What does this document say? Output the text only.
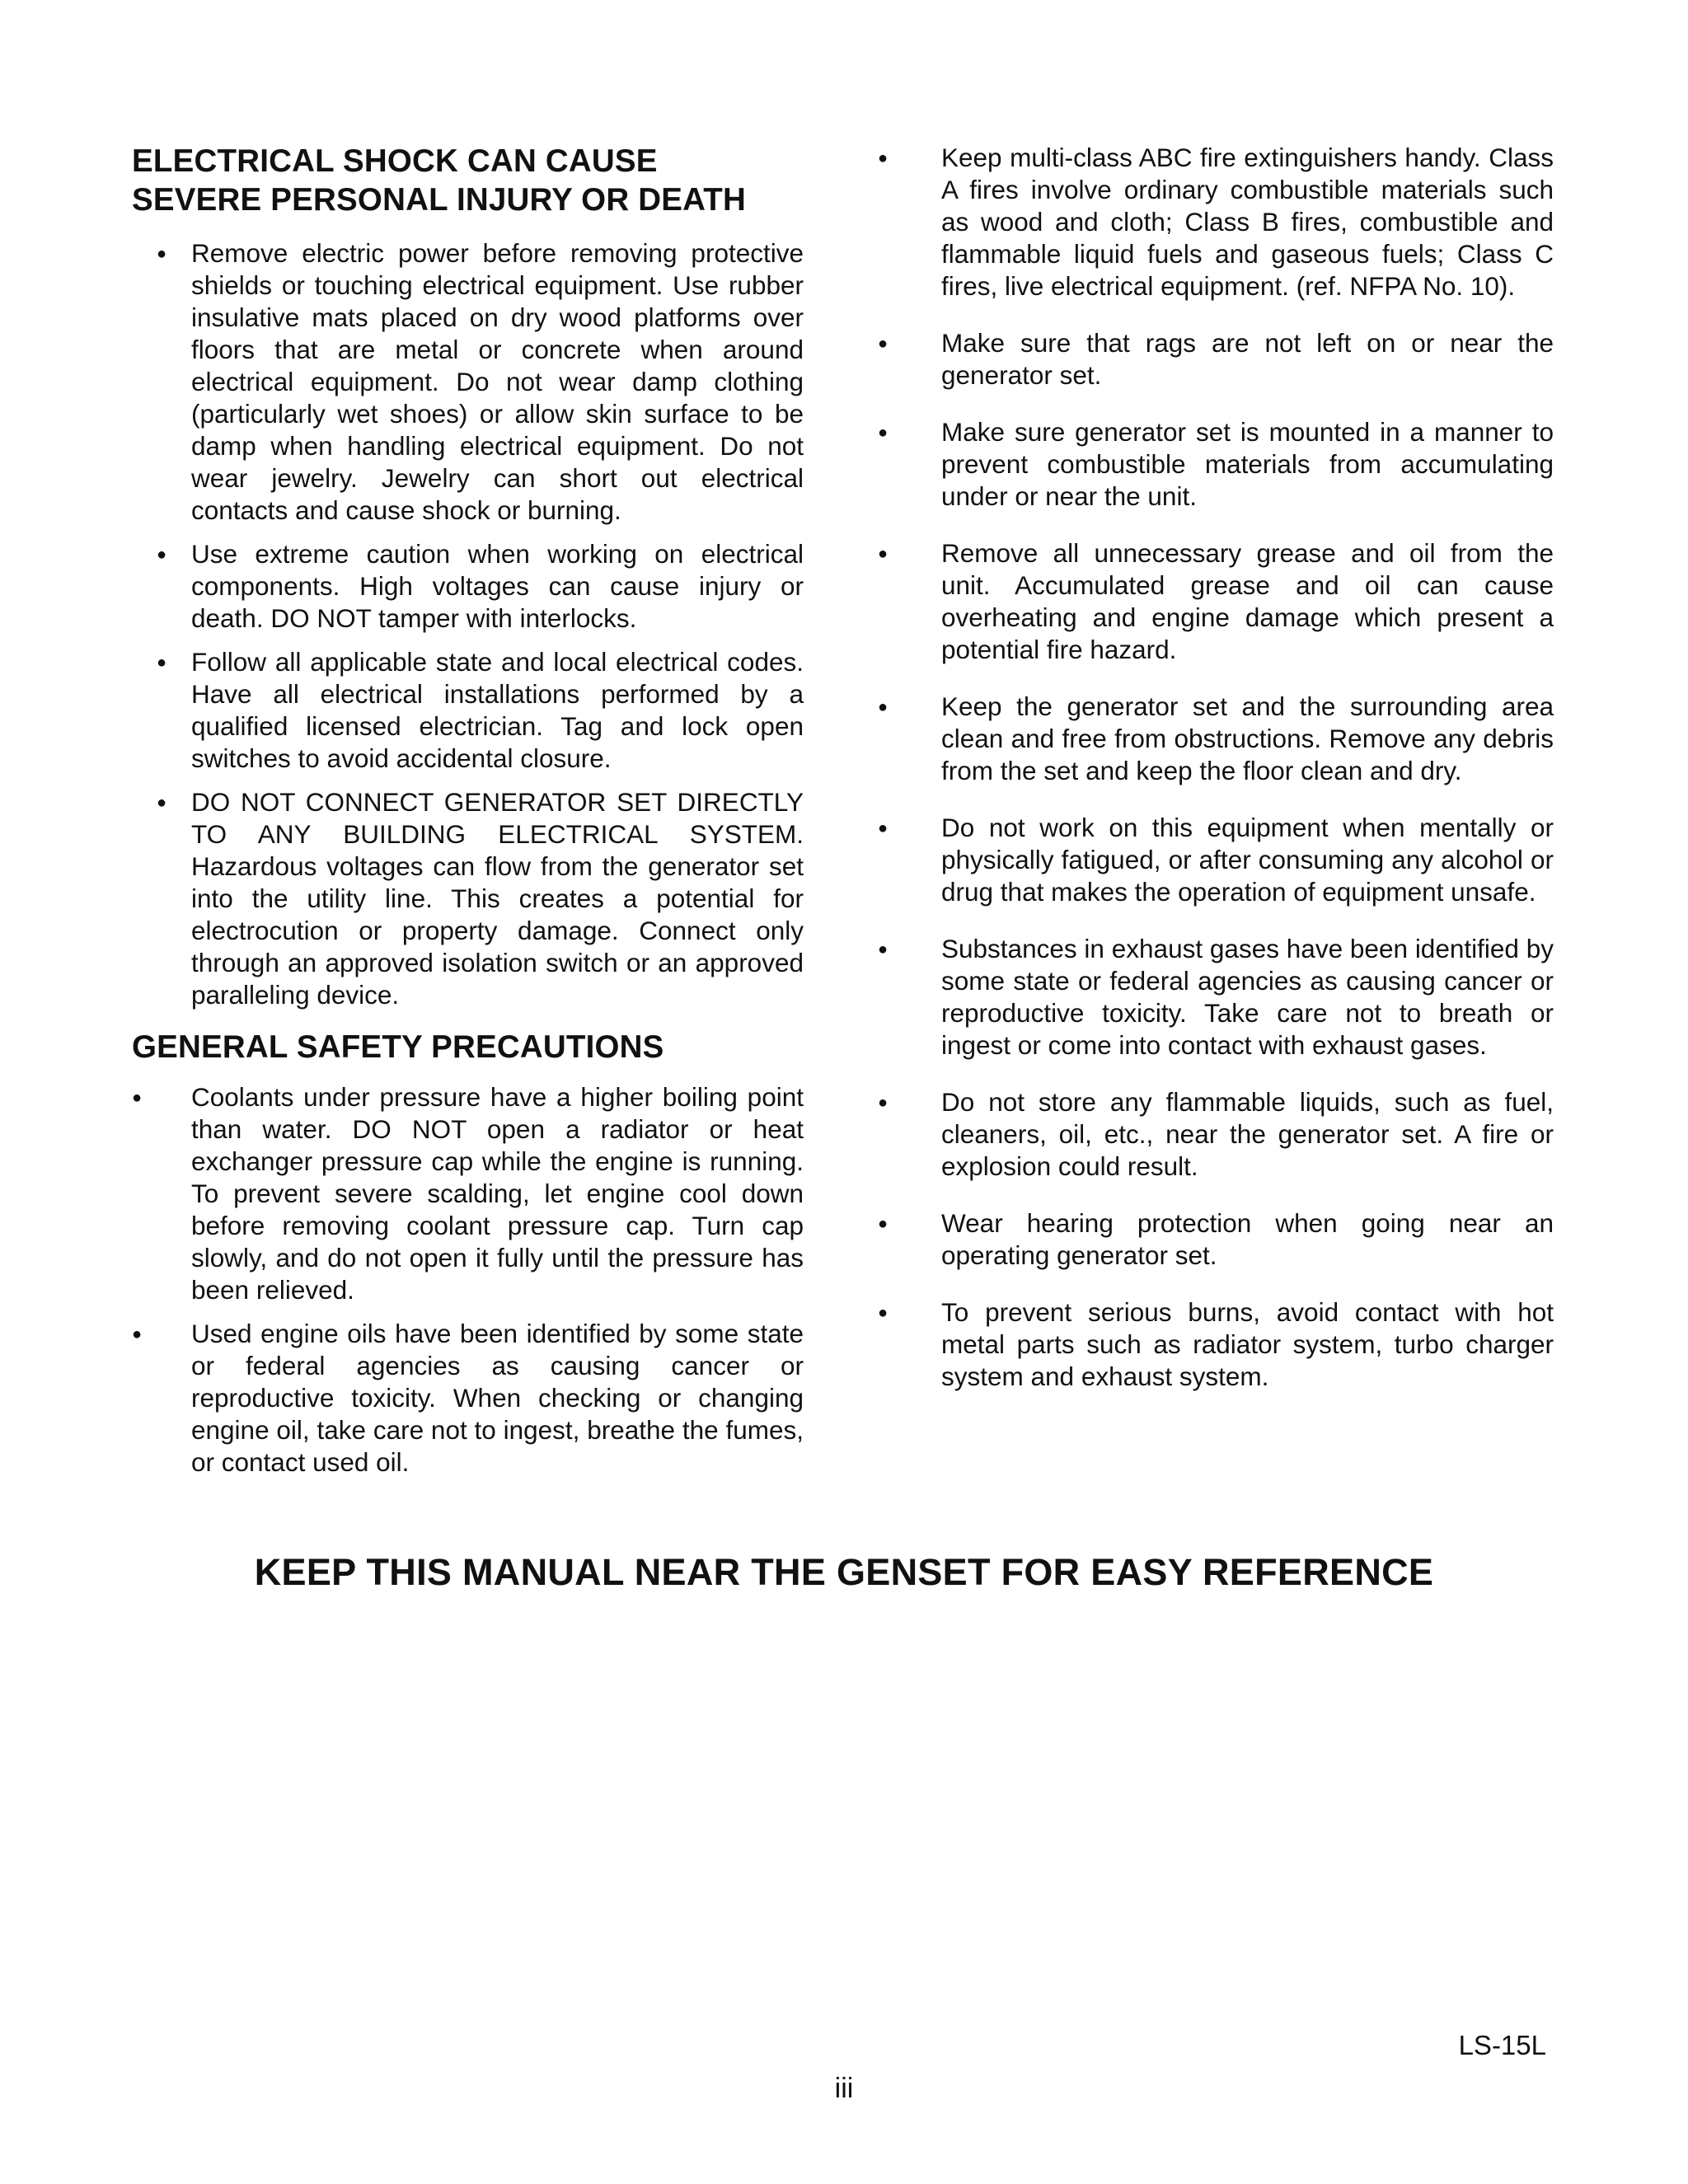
ELECTRICAL SHOCK CAN CAUSE
SEVERE PERSONAL INJURY OR DEATH
●
Remove electric power before removing protective shields or touching electrical equipment. Use rubber insulative mats placed on dry wood platforms over floors that are metal or concrete when around electrical equipment. Do not wear damp clothing (particularly wet shoes) or allow skin surface to be damp when handling electrical equipment. Do not wear jewelry. Jewelry can short out electrical contacts and cause shock or burning.
●
Use extreme caution when working on electrical components. High voltages can cause injury or death. DO NOT tamper with interlocks.
●
Follow all applicable state and local electrical codes. Have all electrical installations performed by a qualified licensed electrician. Tag and lock open switches to avoid accidental closure.
●
DO NOT CONNECT GENERATOR SET DIRECTLY TO ANY BUILDING ELECTRICAL SYSTEM. Hazardous voltages can flow from the generator set into the utility line. This creates a potential for electrocution or property damage. Connect only through an approved isolation switch or an approved paralleling device.
GENERAL SAFETY PRECAUTIONS
●
Coolants under pressure have a higher boiling point than water. DO NOT open a radiator or heat exchanger pressure cap while the engine is running. To prevent severe scalding, let engine cool down before removing coolant pressure cap. Turn cap slowly, and do not open it fully until the pressure has been relieved.
●
Used engine oils have been identified by some state or federal agencies as causing cancer or reproductive toxicity. When checking or changing engine oil, take care not to ingest, breathe the fumes, or contact used oil.
●
Keep multi-class ABC fire extinguishers handy. Class A fires involve ordinary combustible materials such as wood and cloth; Class B fires, combustible and flammable liquid fuels and gaseous fuels; Class C fires, live electrical equipment. (ref. NFPA No. 10).
●
Make sure that rags are not left on or near the generator set.
●
Make sure generator set is mounted in a manner to prevent combustible materials from accumulating under or near the unit.
●
Remove all unnecessary grease and oil from the unit. Accumulated grease and oil can cause overheating and engine damage which present a potential fire hazard.
●
Keep the generator set and the surrounding area clean and free from obstructions. Remove any debris from the set and keep the floor clean and dry.
●
Do not work on this equipment when mentally or physically fatigued, or after consuming any alcohol or drug that makes the operation of equipment unsafe.
●
Substances in exhaust gases have been identified by some state or federal agencies as causing cancer or reproductive toxicity. Take care not to breath or ingest or come into contact with exhaust gases.
●
Do not store any flammable liquids, such as fuel, cleaners, oil, etc., near the generator set. A fire or explosion could result.
●
Wear hearing protection when going near an operating generator set.
●
To prevent serious burns, avoid contact with hot metal parts such as radiator system, turbo charger system and exhaust system.
KEEP THIS MANUAL NEAR THE GENSET FOR EASY REFERENCE
LS-15L
iii
